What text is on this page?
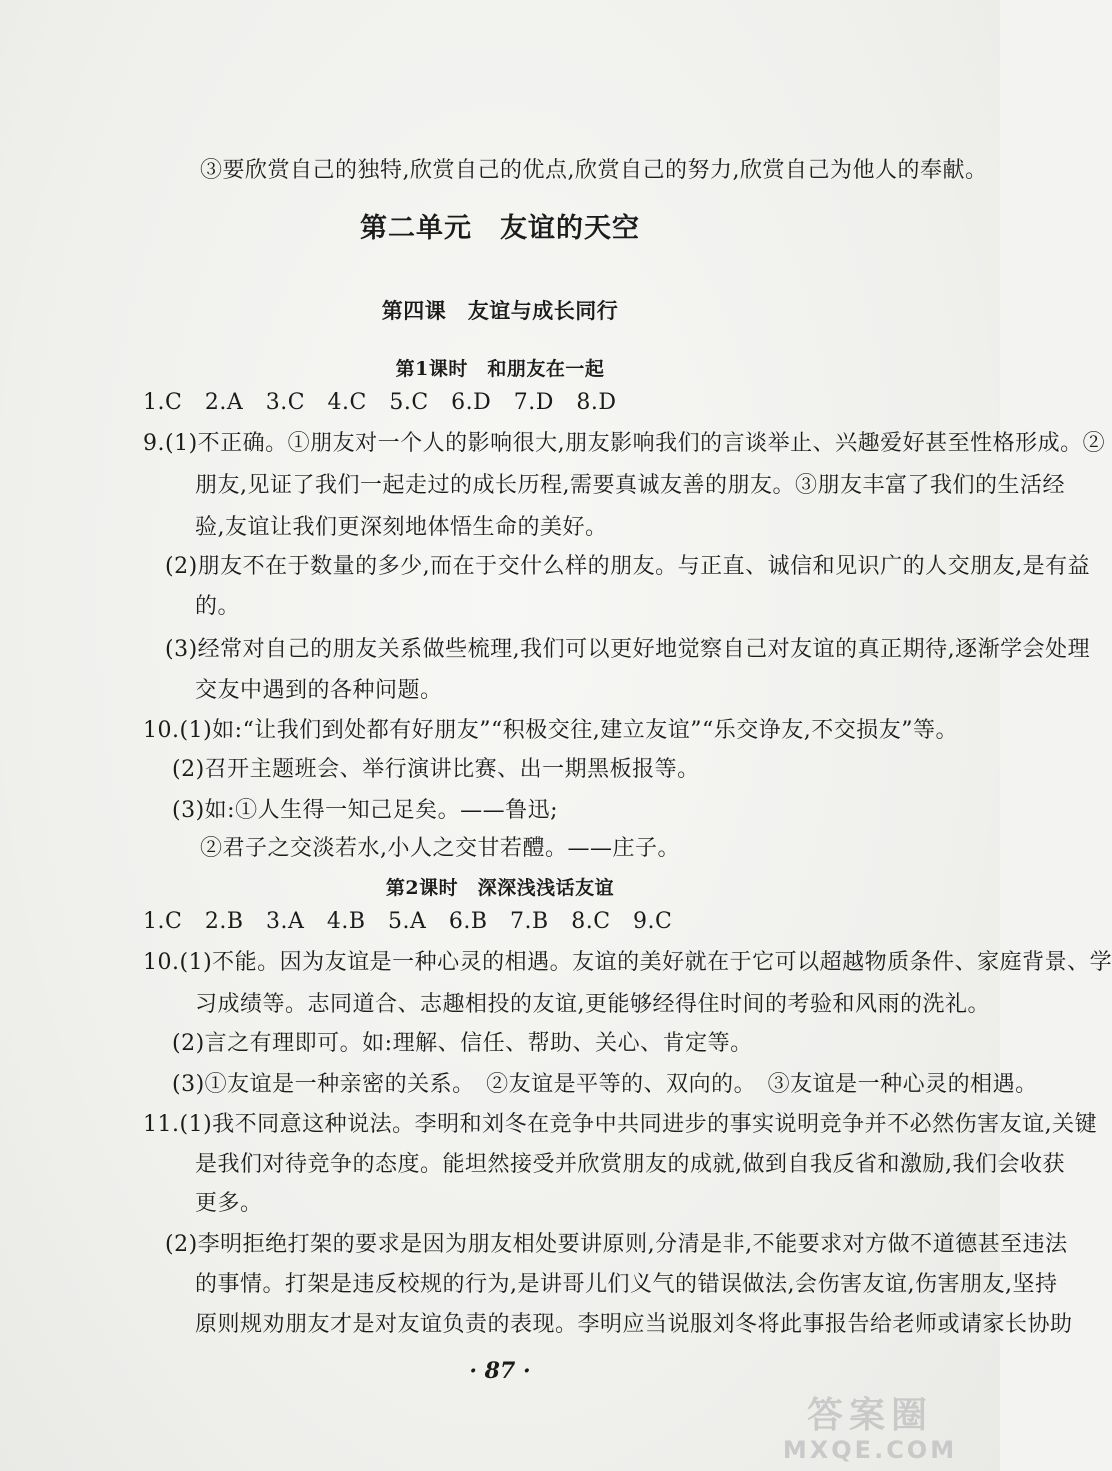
③要欣赏自己的独特,欣赏自己的优点,欣赏自己的努力,欣赏自己为他人的奉献。
第二单元　友谊的天空
第四课　友谊与成长同行
第1课时　和朋友在一起
1.C　2.A　3.C　4.C　5.C　6.D　7.D　8.D
9.(1)不正确。①朋友对一个人的影响很大,朋友影响我们的言谈举止、兴趣爱好甚至性格形成。②
朋友,见证了我们一起走过的成长历程,需要真诚友善的朋友。③朋友丰富了我们的生活经
验,友谊让我们更深刻地体悟生命的美好。
(2)朋友不在于数量的多少,而在于交什么样的朋友。与正直、诚信和见识广的人交朋友,是有益
的。
(3)经常对自己的朋友关系做些梳理,我们可以更好地觉察自己对友谊的真正期待,逐渐学会处理
交友中遇到的各种问题。
10.(1)如:“让我们到处都有好朋友”“积极交往,建立友谊”“乐交诤友,不交损友”等。
(2)召开主题班会、举行演讲比赛、出一期黑板报等。
(3)如:①人生得一知己足矣。——鲁迅;
②君子之交淡若水,小人之交甘若醴。——庄子。
第2课时　深深浅浅话友谊
1.C　2.B　3.A　4.B　5.A　6.B　7.B　8.C　9.C
10.(1)不能。因为友谊是一种心灵的相遇。友谊的美好就在于它可以超越物质条件、家庭背景、学
习成绩等。志同道合、志趣相投的友谊,更能够经得住时间的考验和风雨的洗礼。
(2)言之有理即可。如:理解、信任、帮助、关心、肯定等。
(3)①友谊是一种亲密的关系。　②友谊是平等的、双向的。　③友谊是一种心灵的相遇。
11.(1)我不同意这种说法。李明和刘冬在竞争中共同进步的事实说明竞争并不必然伤害友谊,关键
是我们对待竞争的态度。能坦然接受并欣赏朋友的成就,做到自我反省和激励,我们会收获
更多。
(2)李明拒绝打架的要求是因为朋友相处要讲原则,分清是非,不能要求对方做不道德甚至违法
的事情。打架是违反校规的行为,是讲哥儿们义气的错误做法,会伤害友谊,伤害朋友,坚持
原则规劝朋友才是对友谊负责的表现。李明应当说服刘冬将此事报告给老师或请家长协助
· 87 ·
答案圈
MXQE.COM
